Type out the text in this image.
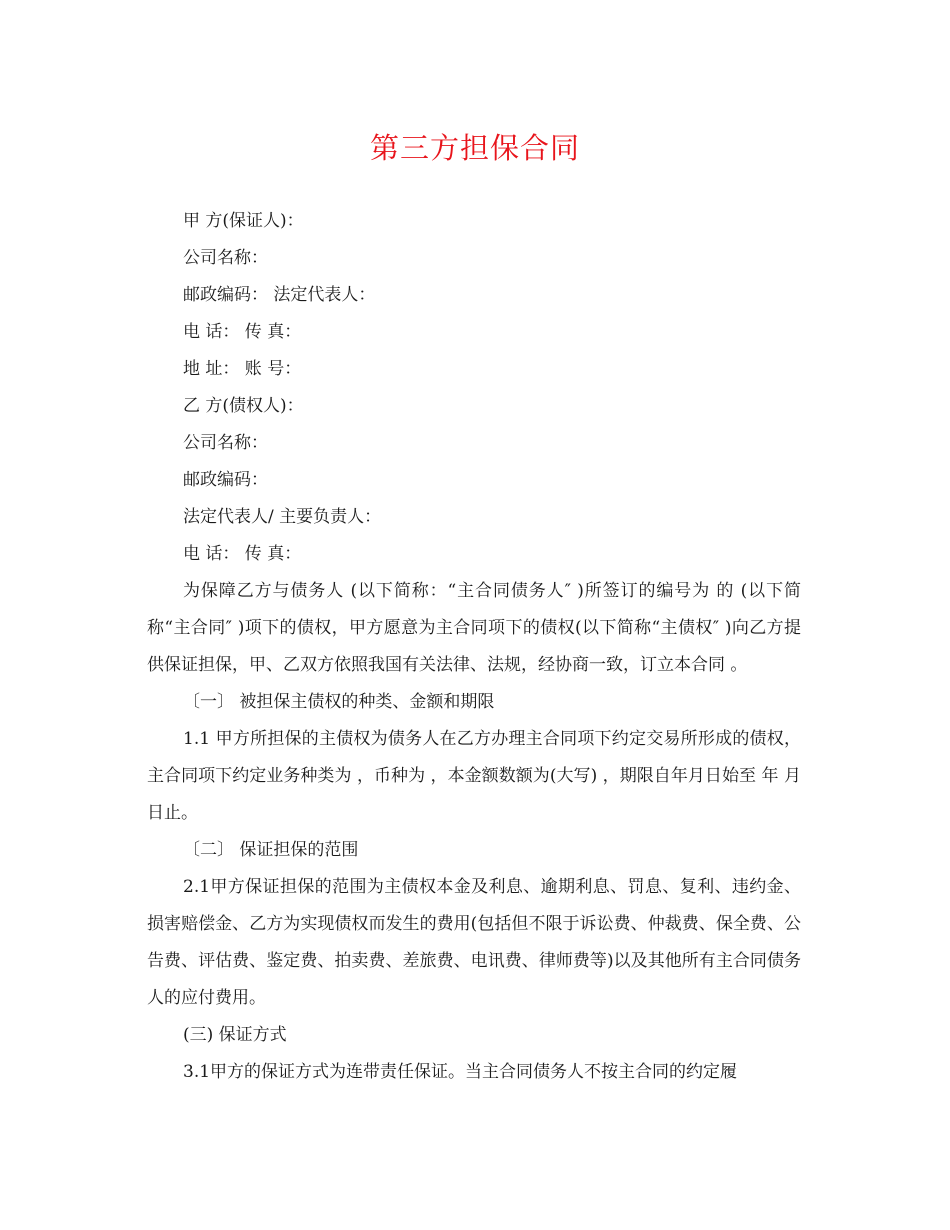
第三方担保合同

甲 方(保证人)：

公司名称：

邮政编码： 法定代表人：

电 话： 传 真：

地 址： 账 号：

乙 方(债权人)：

公司名称：

邮政编码：

法定代表人/ 主要负责人：

电 话： 传 真：

为保障乙方与债务人 (以下简称：“主合同债务人″ )所签订的编号为 的 (以下简称“主合同″ )项下的债权，甲方愿意为主合同项下的债权(以下简称“主债权″ )向乙方提供保证担保，甲、乙双方依照我国有关法律、法规，经协商一致，订立本合同 。

〔一〕 被担保主债权的种类、金额和期限

1.1 甲方所担保的主债权为债务人在乙方办理主合同项下约定交易所形成的债权，主合同项下约定业务种类为 ，币种为 ，本金额数额为(大写) ，期限自年月日始至 年 月 日止。

〔二〕 保证担保的范围

2.1甲方保证担保的范围为主债权本金及利息、逾期利息、罚息、复利、违约金、损害赔偿金、乙方为实现债权而发生的费用(包括但不限于诉讼费、仲裁费、保全费、公告费、评估费、鉴定费、拍卖费、差旅费、电讯费、律师费等)以及其他所有主合同债务人的应付费用。

(三) 保证方式

3.1甲方的保证方式为连带责任保证。当主合同债务人不按主合同的约定履
